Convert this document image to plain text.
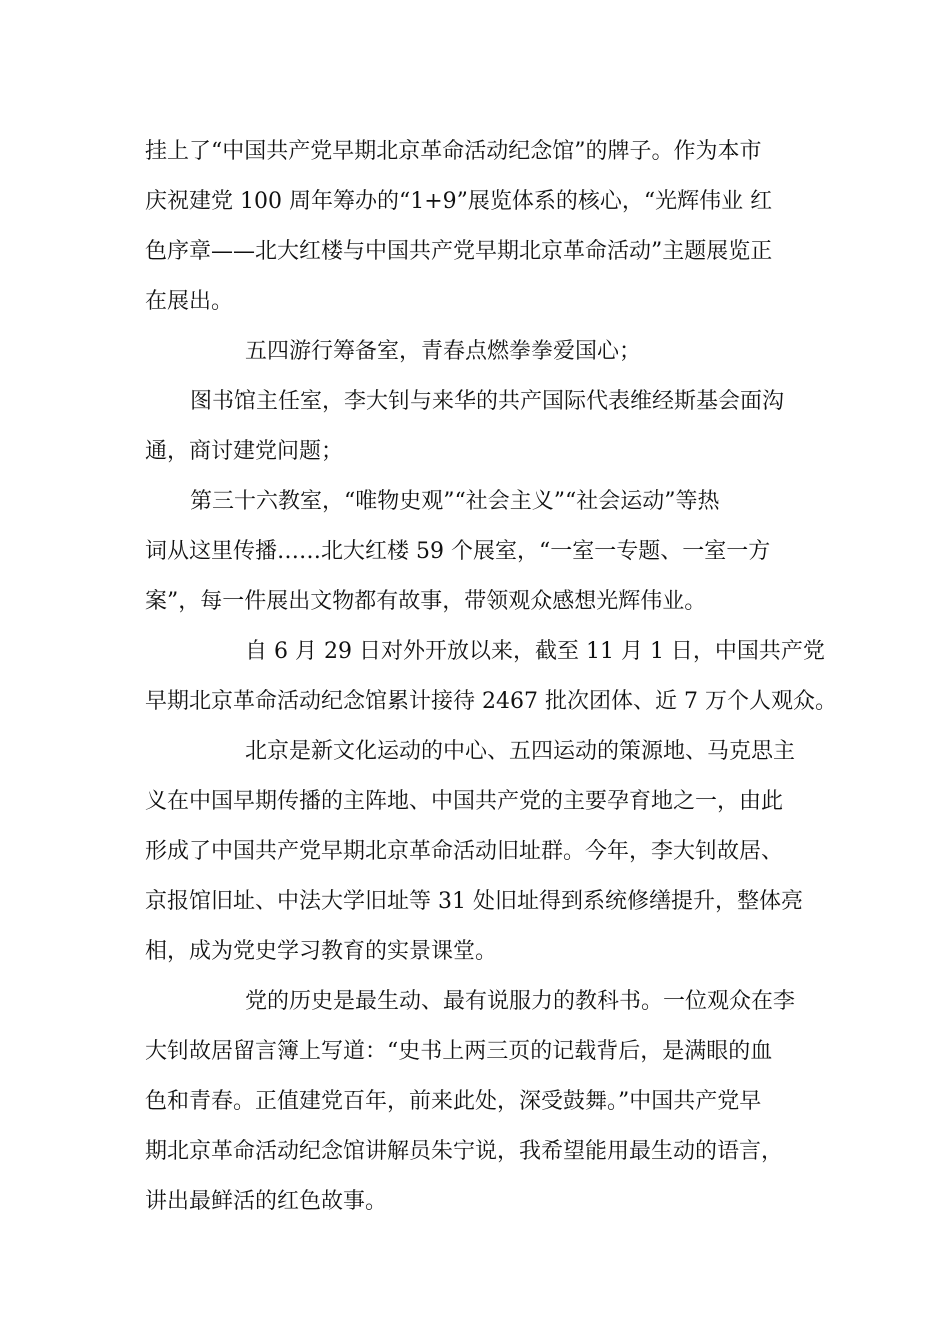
挂上了“中国共产党早期北京革命活动纪念馆”的牌子。作为本市
庆祝建党 100 周年筹办的“1+9”展览体系的核心，“光辉伟业 红
色序章——北大红楼与中国共产党早期北京革命活动”主题展览正
在展出。
五四游行筹备室，青春点燃拳拳爱国心；
图书馆主任室，李大钊与来华的共产国际代表维经斯基会面沟
通，商讨建党问题；
第三十六教室，“唯物史观”“社会主义”“社会运动”等热
词从这里传播……北大红楼 59 个展室，“一室一专题、一室一方
案”，每一件展出文物都有故事，带领观众感想光辉伟业。
自 6 月 29 日对外开放以来，截至 11 月 1 日，中国共产党
早期北京革命活动纪念馆累计接待 2467 批次团体、近 7 万个人观众。
北京是新文化运动的中心、五四运动的策源地、马克思主
义在中国早期传播的主阵地、中国共产党的主要孕育地之一，由此
形成了中国共产党早期北京革命活动旧址群。今年，李大钊故居、
京报馆旧址、中法大学旧址等 31 处旧址得到系统修缮提升，整体亮
相，成为党史学习教育的实景课堂。
党的历史是最生动、最有说服力的教科书。一位观众在李
大钊故居留言簿上写道：“史书上两三页的记载背后，是满眼的血
色和青春。正值建党百年，前来此处，深受鼓舞。”中国共产党早
期北京革命活动纪念馆讲解员朱宁说，我希望能用最生动的语言，
讲出最鲜活的红色故事。
